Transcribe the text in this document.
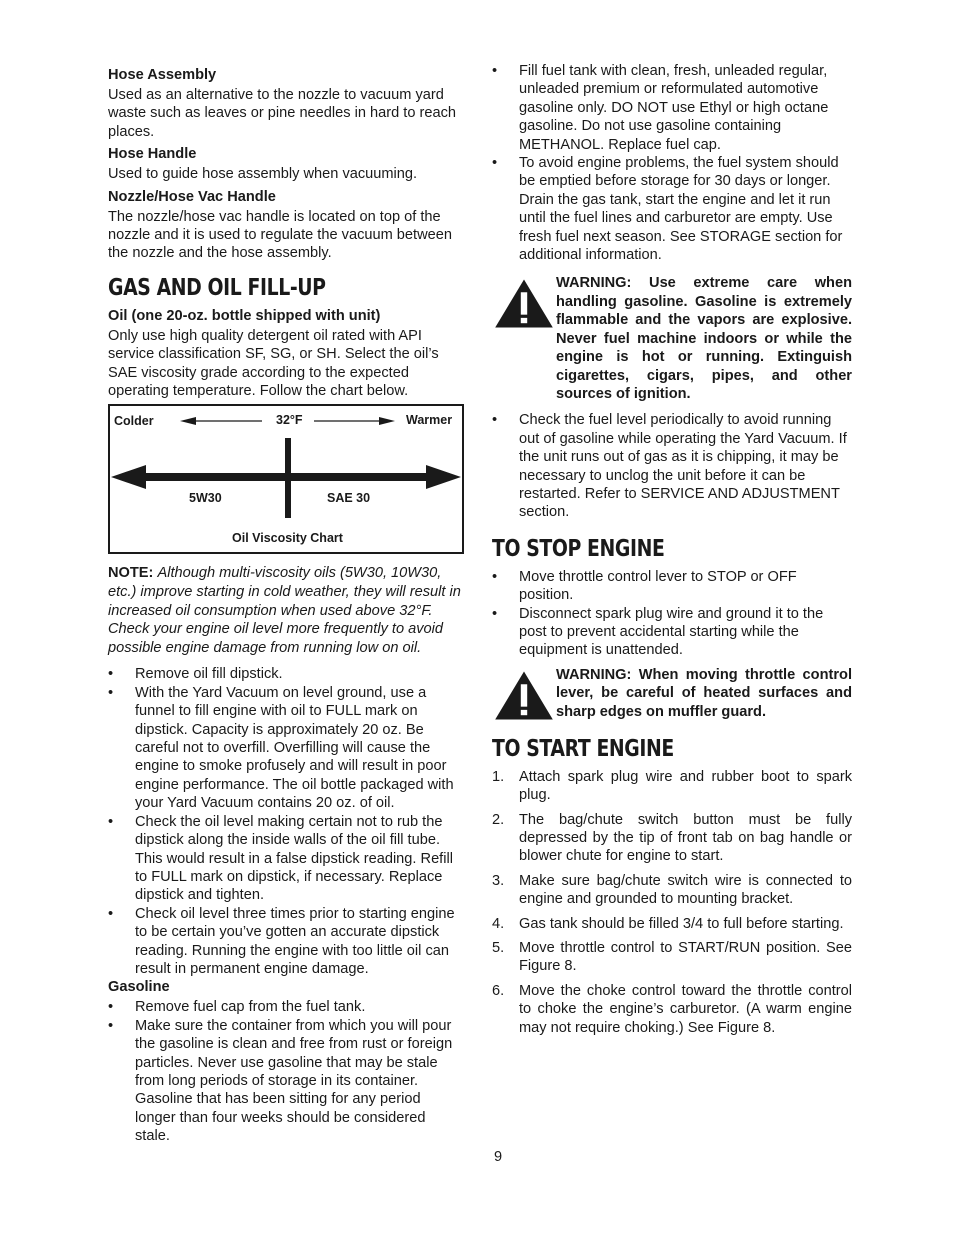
Hose Assembly

Used as an alternative to the nozzle to vacuum yard waste such as leaves or pine needles in hard to reach places.

Hose Handle

Used to guide hose assembly when vacuuming.

Nozzle/Hose Vac Handle

The nozzle/hose vac handle is located on top of the nozzle and it is used to regulate the vacuum between the nozzle and the hose assembly.

GAS AND OIL FILL-UP
Oil (one 20-oz. bottle shipped with unit)

Only use high quality detergent oil rated with API service classification SF, SG, or SH. Select the oil’s SAE viscosity grade according to the expected operating temperature. Follow the chart below.

Colder	32°F	Warmer
5W30	SAE 30
Oil Viscosity Chart
NOTE: Although multi-viscosity oils (5W30, 10W30, etc.) improve starting in cold weather, they will result in increased oil consumption when used above 32°F. Check your engine oil level more frequently to avoid possible engine damage from running low on oil.
• Remove oil fill dipstick.
• With the Yard Vacuum on level ground, use a funnel to fill engine with oil to FULL mark on dipstick. Capacity is approximately 20 oz. Be careful not to overfill. Overfilling will cause the engine to smoke profusely and will result in poor engine performance. The oil bottle packaged with your Yard Vacuum contains 20 oz. of oil.
• Check the oil level making certain not to rub the dipstick along the inside walls of the oil fill tube. This would result in a false dipstick reading. Refill to FULL mark on dipstick, if necessary. Replace dipstick and tighten.
• Check oil level three times prior to starting engine to be certain you’ve gotten an accurate dipstick reading. Running the engine with too little oil can result in permanent engine damage.
Gasoline
• Remove fuel cap from the fuel tank.
• Make sure the container from which you will pour the gasoline is clean and free from rust or foreign particles. Never use gasoline that may be stale from long periods of storage in its container. Gasoline that has been sitting for any period longer than four weeks should be considered stale.
• Fill fuel tank with clean, fresh, unleaded regular, unleaded premium or reformulated automotive gasoline only. DO NOT use Ethyl or high octane gasoline. Do not use gasoline containing METHANOL. Replace fuel cap.
• To avoid engine problems, the fuel system should be emptied before storage for 30 days or longer. Drain the gas tank, start the engine and let it run until the fuel lines and carburetor are empty. Use fresh fuel next season. See STORAGE section for additional information.
WARNING: Use extreme care when handling gasoline. Gasoline is extremely flammable and the vapors are explosive. Never fuel machine indoors or while the engine is hot or running. Extinguish cigarettes, cigars, pipes, and other sources of ignition.
• Check the fuel level periodically to avoid running out of gasoline while operating the Yard Vacuum. If the unit runs out of gas as it is chipping, it may be necessary to unclog the unit before it can be restarted. Refer to SERVICE AND ADJUSTMENT section.
TO STOP ENGINE
• Move throttle control lever to STOP or OFF position.
• Disconnect spark plug wire and ground it to the post to prevent accidental starting while the equipment is unattended.
WARNING: When moving throttle control lever, be careful of heated surfaces and sharp edges on muffler guard.
TO START ENGINE
1. Attach spark plug wire and rubber boot to spark plug.
2. The bag/chute switch button must be fully depressed by the tip of front tab on bag handle or blower chute for engine to start.
3. Make sure bag/chute switch wire is connected to engine and grounded to mounting bracket.
4. Gas tank should be filled 3/4 to full before starting.
5. Move throttle control to START/RUN position. See Figure 8.
6. Move the choke control toward the throttle control to choke the engine’s carburetor. (A warm engine may not require choking.) See Figure 8.
9
